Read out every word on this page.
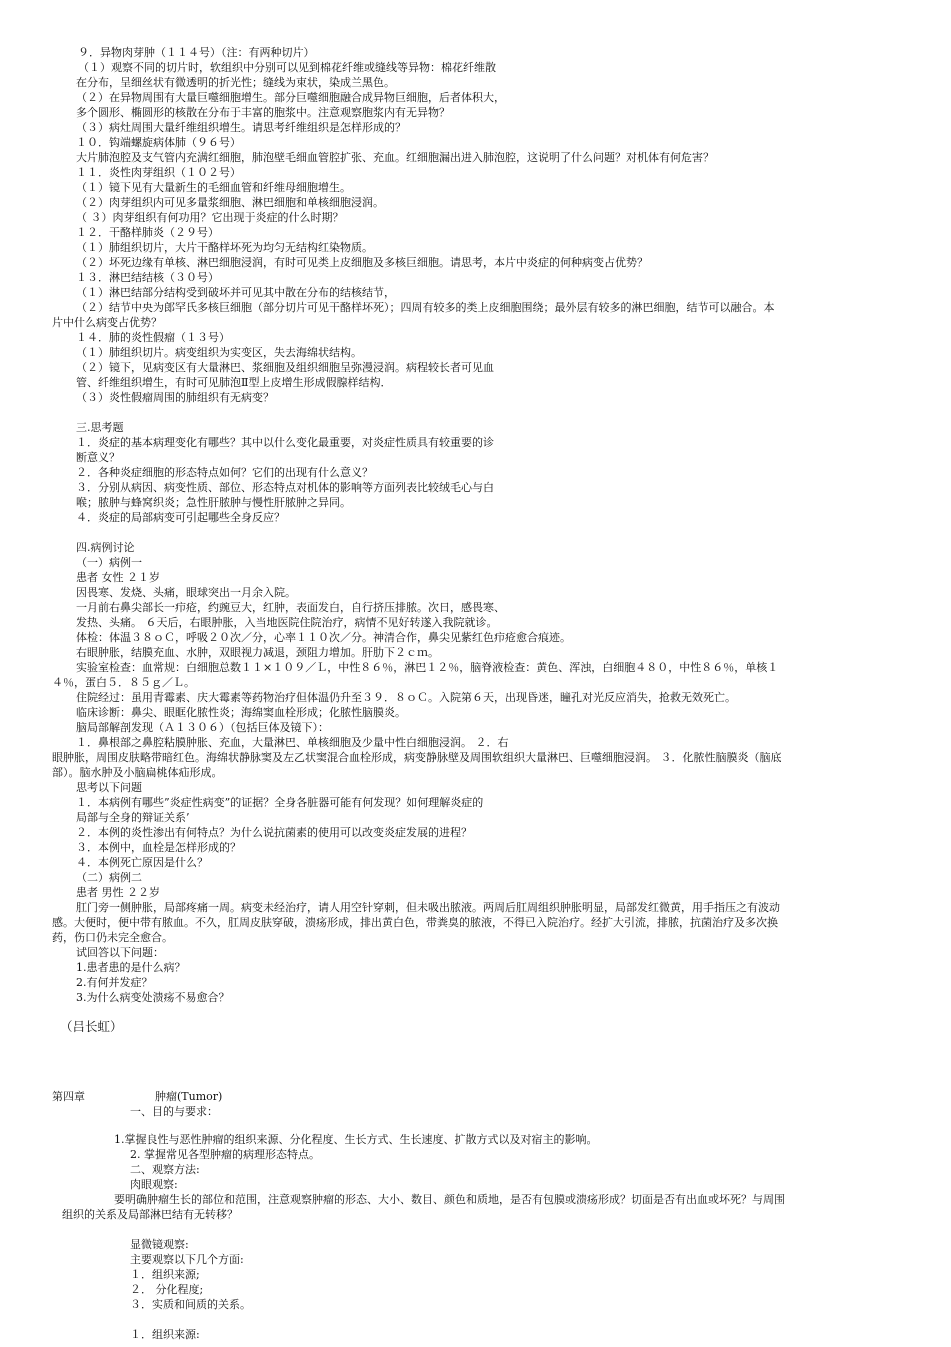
９．异物肉芽肿（１１４号）（注：有两种切片）
（１）观察不同的切片时，软组织中分别可以见到棉花纤维或缝线等异物：棉花纤维散
在分布，呈细丝状有微透明的折光性；缝线为束状，染成兰黑色。
（２）在异物周围有大量巨噬细胞增生。部分巨噬细胞融合成异物巨细胞，后者体积大，
多个圆形、椭圆形的核散在分布于丰富的胞浆中。注意观察胞浆内有无异物？
（３）病灶周围大量纤维组织增生。请思考纤维组织是怎样形成的？
１０．钩端螺旋病体肺（９６号）
大片肺泡腔及支气管内充满红细胞，肺泡壁毛细血管腔扩张、充血。红细胞漏出进入肺泡腔，这说明了什么问题？对机体有何危害？
１１．炎性肉芽组织（１０２号）
（１）镜下见有大量新生的毛细血管和纤维母细胞增生。
（２）肉芽组织内可见多量浆细胞、淋巴细胞和单核细胞浸润。
（ ３）肉芽组织有何功用？它出现于炎症的什么时期？
１２．干酪样肺炎（２９号）
（１）肺组织切片，大片干酪样坏死为均匀无结构红染物质。
（２）坏死边缘有单核、淋巴细胞浸润，有时可见类上皮细胞及多核巨细胞。请思考，本片中炎症的何种病变占优势？
１３．淋巴结结核（３０号）
（１）淋巴结部分结构受到破坏并可见其中散在分布的结核结节，
（２）结节中央为郎罕氏多核巨细胞（部分切片可见干酪样坏死）；四周有较多的类上皮细胞围绕；最外层有较多的淋巴细胞，结节可以融合。本
片中什么病变占优势？
１４．肺的炎性假瘤（１３号）
（１）肺组织切片。病变组织为实变区，失去海绵状结构。
（２）镜下，见病变区有大量淋巴、浆细胞及组织细胞呈弥漫浸润。病程较长者可见血
管、纤维组织增生，有时可见肺泡Ⅱ型上皮增生形成假腺样结构．
（３）炎性假瘤周围的肺组织有无病变？
三.思考题
１．炎症的基本病理变化有哪些？其中以什么变化最重要，对炎症性质具有较重要的诊
断意义？
２．各种炎症细胞的形态特点如何？它们的出现有什么意义？
３．分别从病因、病变性质、部位、形态特点对机体的影响等方面列表比较绒毛心与白
喉；脓肿与蜂窝织炎；急性肝脓肿与慢性肝脓肿之异同。
４．炎症的局部病变可引起哪些全身反应？
四.病例讨论
（一）病例一
患者 女性 ２１岁
因畏寒、发烧、头痛，眼球突出一月余入院。
一月前右鼻尖部长一疖疮，约豌豆大，红肿，表面发白，自行挤压排脓。次日，感畏寒、
发热、头痛。 ６天后，右眼肿胀，入当地医院住院治疗，病情不见好转遂入我院就诊。
体检：体温３８ｏＣ，呼吸２０次／分，心率１１０次／分。神清合作，鼻尖见紫红色疖疮愈合痕迹。
右眼肿胀，结膜充血、水肿，双眼视力减退，颈阻力增加。肝肋下２ｃｍ。
实验室检查：血常规：白细胞总数１１×１０９／Ｌ，中性８６％，淋巴１２％，脑脊液检查：黄色、浑浊，白细胞４８０，中性８６％，单核１
４％，蛋白５．８５ｇ／Ｌ。
住院经过：虽用青霉素、庆大霉素等药物治疗但体温仍升至３９．８ｏＣ。入院第６天，出现昏迷，瞳孔对光反应消失，抢救无效死亡。
临床诊断：鼻尖、眼眶化脓性炎；海绵窦血栓形成；化脓性脑膜炎。
脑局部解剖发现（Ａ１３０６）（包括巨体及镜下）：
１．鼻根部之鼻腔粘膜肿胀、充血，大量淋巴、单核细胞及少量中性白细胞浸润。 ２．右
眼肿胀，周围皮肤略带暗红色。海绵状静脉窦及左乙状窦混合血栓形成，病变静脉壁及周围软组织大量淋巴、巨噬细胞浸润。 ３．化脓性脑膜炎（脑底
部）。脑水肿及小脑扁桃体疝形成。
思考以下问题
１．本病例有哪些”炎症性病变”的证据？全身各脏器可能有何发现？如何理解炎症的
局部与全身的辩证关系’
２．本例的炎性渗出有何特点？为什么说抗菌素的使用可以改变炎症发展的进程？
３．本例中，血栓是怎样形成的？
４．本例死亡原因是什么？
（二）病例二
患者 男性 ２２岁
肛门旁一侧肿胀，局部疼痛一周。病变未经治疗，请人用空针穿刺，但未吸出脓液。两周后肛周组织肿胀明显，局部发红微黄，用手指压之有波动
感。大便时，便中带有脓血。不久，肛周皮肤穿破，溃疡形成，排出黄白色，带粪臭的脓液，不得已入院治疗。经扩大引流，排脓，抗菌治疗及多次换
药，伤口仍未完全愈合。
试回答以下问题：
1.患者患的是什么病？
2.有何并发症？
3.为什么病变处溃疡不易愈合？
（吕长虹）
第四章	肿瘤(Tumor)
一、目的与要求：
1.掌握良性与恶性肿瘤的组织来源、分化程度、生长方式、生长速度、扩散方式以及对宿主的影响。
2. 掌握常见各型肿瘤的病理形态特点。
二、观察方法:
肉眼观察:
要明确肿瘤生长的部位和范围，注意观察肿瘤的形态、大小、数目、颜色和质地，是否有包膜或溃疡形成？切面是否有出血或坏死？与周围
组织的关系及局部淋巴结有无转移？
显微镜观察:
主要观察以下几个方面:
１．组织来源;
２． 分化程度;
３．实质和间质的关系。
１．组织来源:
